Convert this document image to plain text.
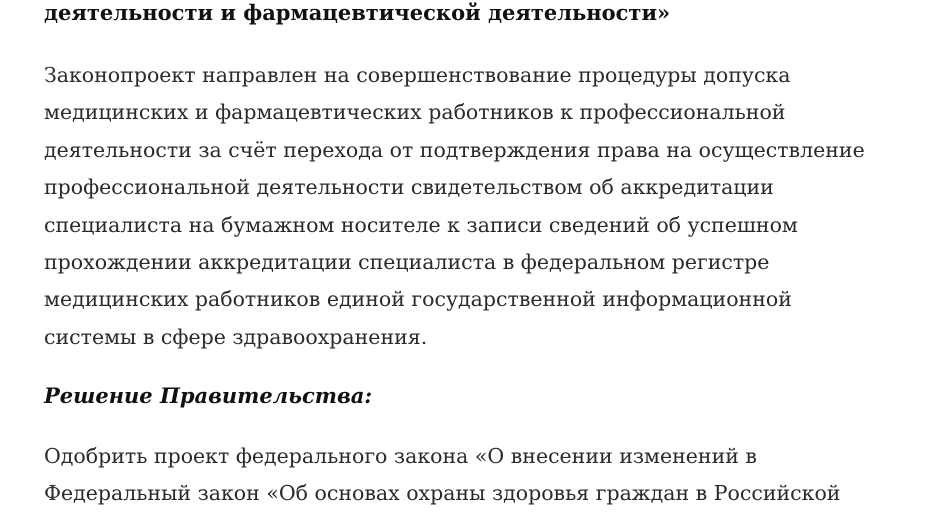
деятельности и фармацевтической деятельности»

Законопроект направлен на совершенствование процедуры допуска
медицинских и фармацевтических работников к профессиональной
деятельности за счёт перехода от подтверждения права на осуществление
профессиональной деятельности свидетельством об аккредитации
специалиста на бумажном носителе к записи сведений об успешном
прохождении аккредитации специалиста в федеральном регистре
медицинских работников единой государственной информационной
системы в сфере здравоохранения.

Решение Правительства:

Одобрить проект федерального закона «О внесении изменений в
Федеральный закон «Об основах охраны здоровья граждан в Российской
